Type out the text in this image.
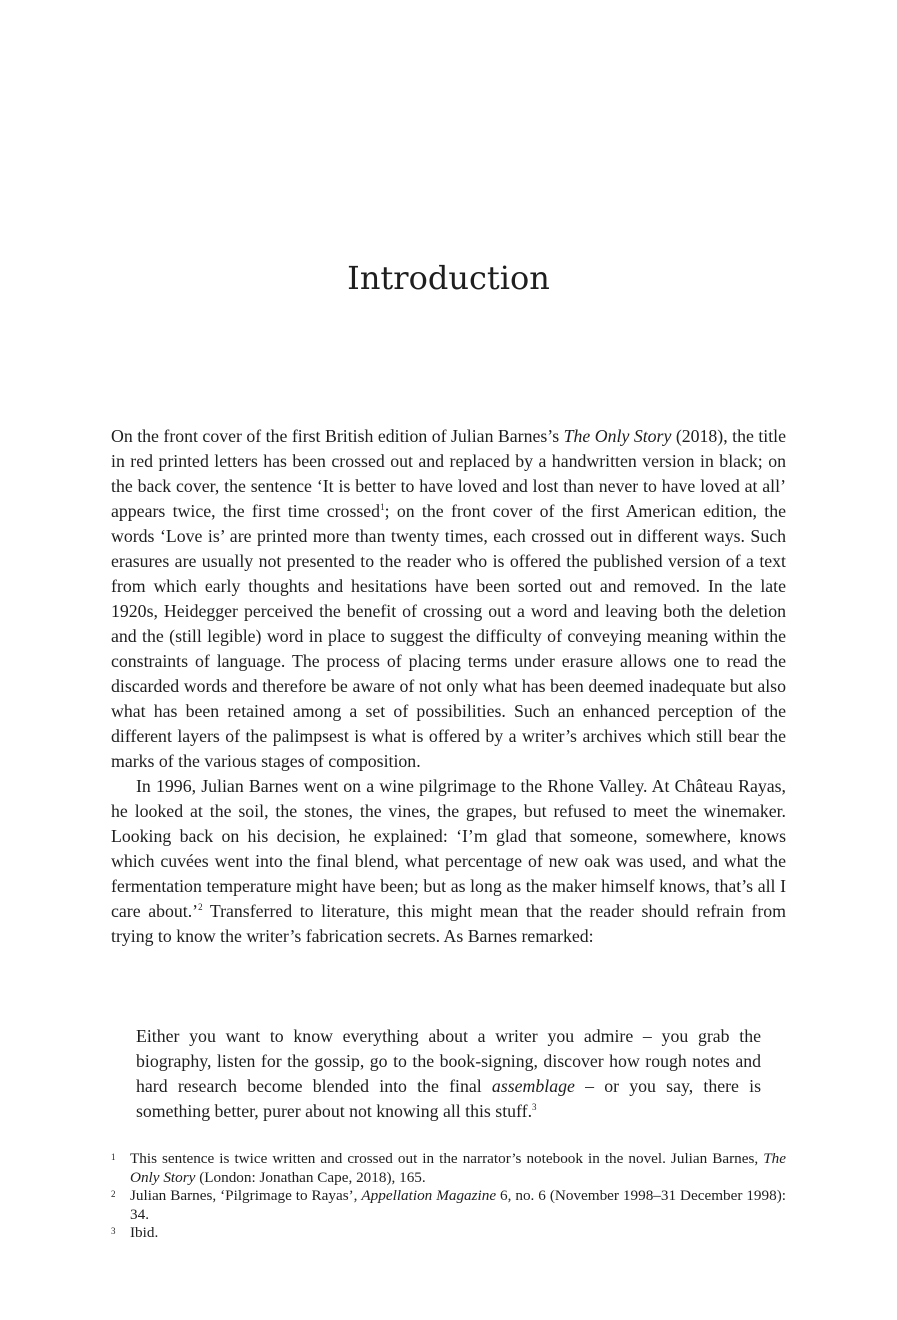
Introduction

On the front cover of the first British edition of Julian Barnes’s The Only Story (2018), the title in red printed letters has been crossed out and replaced by a handwritten version in black; on the back cover, the sentence ‘It is better to have loved and lost than never to have loved at all’ appears twice, the first time crossed$^1$; on the front cover of the first American edition, the words ‘Love is’ are printed more than twenty times, each crossed out in different ways. Such erasures are usually not presented to the reader who is offered the published version of a text from which early thoughts and hesitations have been sorted out and removed. In the late 1920s, Heidegger perceived the benefit of crossing out a word and leaving both the deletion and the (still legible) word in place to suggest the difficulty of conveying meaning within the constraints of language. The process of placing terms under erasure allows one to read the discarded words and therefore be aware of not only what has been deemed inadequate but also what has been retained among a set of possibilities. Such an enhanced perception of the different layers of the palimpsest is what is offered by a writer’s archives which still bear the marks of the various stages of composition.

In 1996, Julian Barnes went on a wine pilgrimage to the Rhone Valley. At Château Rayas, he looked at the soil, the stones, the vines, the grapes, but refused to meet the winemaker. Looking back on his decision, he explained: ‘I’m glad that someone, somewhere, knows which cuvées went into the final blend, what percentage of new oak was used, and what the fermentation temperature might have been; but as long as the maker himself knows, that’s all I care about.’$^2$ Transferred to literature, this might mean that the reader should refrain from trying to know the writer’s fabrication secrets. As Barnes remarked:

Either you want to know everything about a writer you admire – you grab the biography, listen for the gossip, go to the book-signing, discover how rough notes and hard research become blended into the final assemblage – or you say, there is something better, purer about not knowing all this stuff.$^3$

1 This sentence is twice written and crossed out in the narrator’s notebook in the novel. Julian Barnes, The Only Story (London: Jonathan Cape, 2018), 165.
2 Julian Barnes, ‘Pilgrimage to Rayas’, Appellation Magazine 6, no. 6 (November 1998–31 December 1998): 34.
3 Ibid.
